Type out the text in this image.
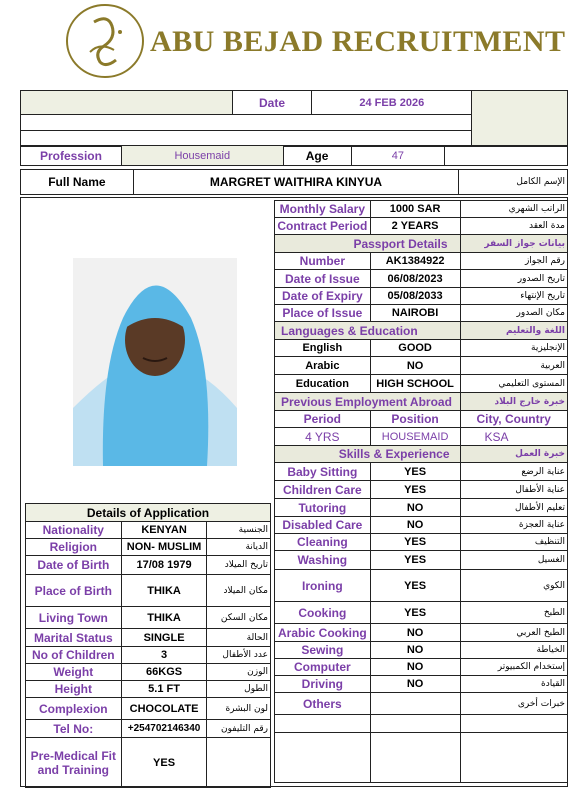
ABU BEJAD RECRUITMENT
	Date	24 FEB 2026	

Profession	Housemaid	Age	47	
Full Name	MARGRET WAITHIRA KINYUA	الإسم الكامل
Details of Application		
Nationality	KENYAN	الجنسية
Religion	NON- MUSLIM	الديانة
Date of Birth	17/08 1979	تاريخ الميلاد
Place of Birth	THIKA	مكان الميلاد
Living Town	THIKA	مكان السكن
Marital Status	SINGLE	الحالة
No of Children	3	عدد الأطفال
Weight	66KGS	الوزن
Height	5.1 FT	الطول
Complexion	CHOCOLATE	لون البشرة
Tel No:	+254702146340	رقم التليفون
Pre-Medical Fit and Training	YES	
Monthly Salary	1000 SAR	الراتب الشهري
Contract Period	2 YEARS	مدة العقد
Passport Details		بيانات جواز السفر
Number	AK1384922	رقم الجواز
Date of Issue	06/08/2023	تاريخ الصدور
Date of Expiry	05/08/2033	تاريخ الإنتهاء
Place of Issue	NAIROBI	مكان الصدور
Languages & Education		اللغة والتعليم
English	GOOD	الإنجليزية
Arabic	NO	العربية
Education	HIGH SCHOOL	المستوى التعليمي
Previous Employment Abroad		خبرة خارج البلاد
Period	Position	City, Country
4 YRS	HOUSEMAID	KSA
Skills & Experience		خبرة العمل
Baby Sitting	YES	عناية الرضع
Children Care	YES	عناية الأطفال
Tutoring	NO	تعليم الأطفال
Disabled Care	NO	عناية العجزة
Cleaning	YES	التنظيف
Washing	YES	الغسيل
Ironing	YES	الكوي
Cooking	YES	الطبخ
Arabic Cooking	NO	الطبخ العربي
Sewing	NO	الخياطة
Computer	NO	إستخدام الكمبيوتر
Driving	NO	القيادة
Others		خبرات أخرى
